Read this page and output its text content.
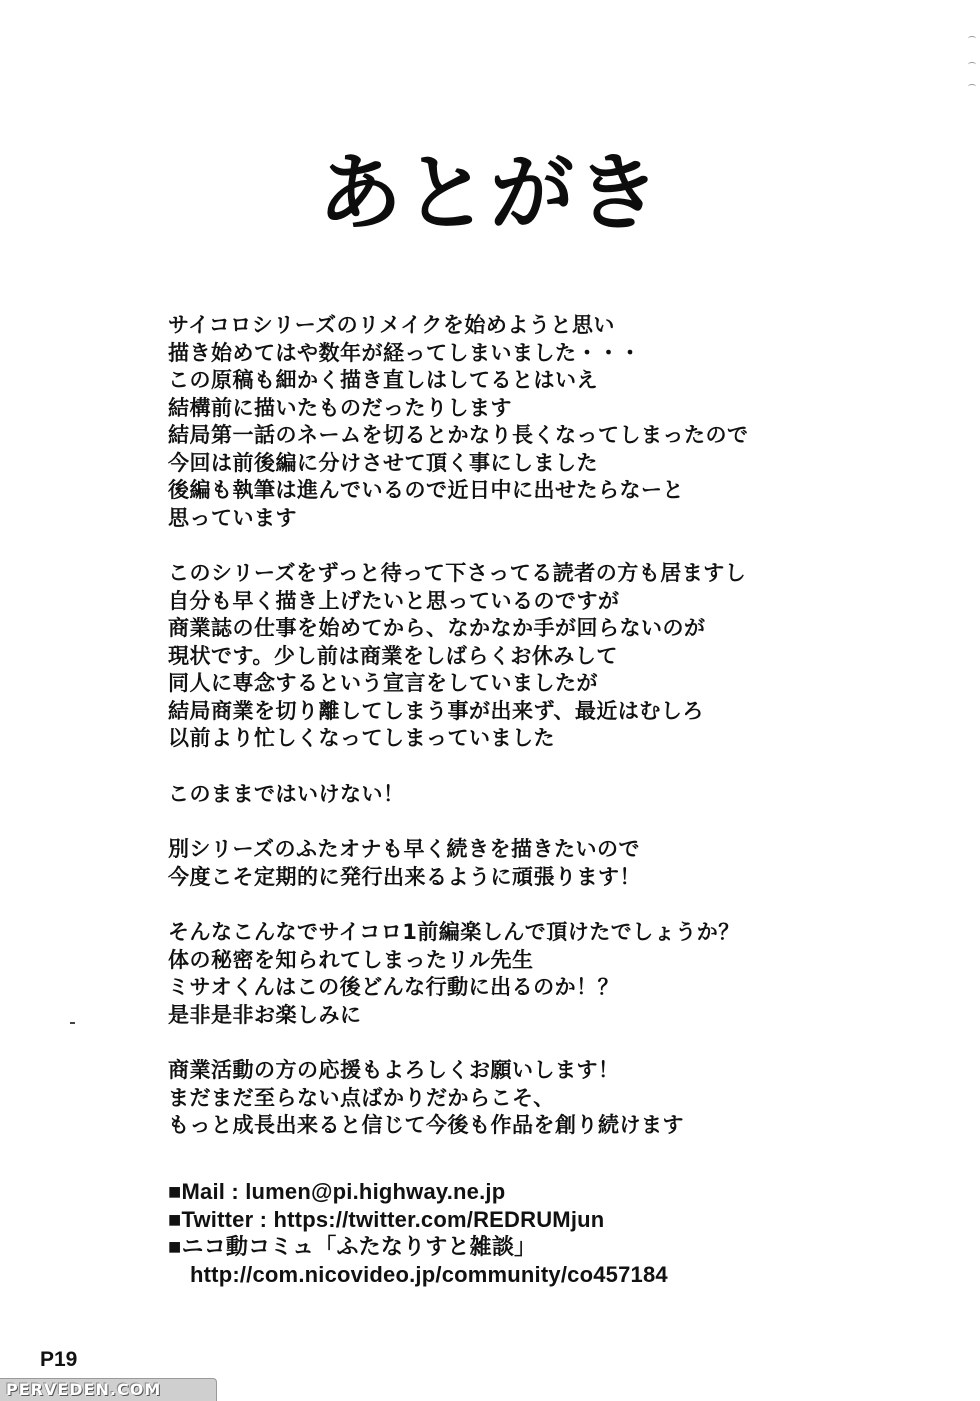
あとがき
サイコロシリーズのリメイクを始めようと思い
描き始めてはや数年が経ってしまいました・・・
この原稿も細かく描き直しはしてるとはいえ
結構前に描いたものだったりします
結局第一話のネームを切るとかなり長くなってしまったので
今回は前後編に分けさせて頂く事にしました
後編も執筆は進んでいるので近日中に出せたらなーと
思っています
このシリーズをずっと待って下さってる読者の方も居ますし
自分も早く描き上げたいと思っているのですが
商業誌の仕事を始めてから、なかなか手が回らないのが
現状です。少し前は商業をしばらくお休みして
同人に専念するという宣言をしていましたが
結局商業を切り離してしまう事が出来ず、最近はむしろ
以前より忙しくなってしまっていました
このままではいけない！
別シリーズのふたオナも早く続きを描きたいので
今度こそ定期的に発行出来るように頑張ります！
そんなこんなでサイコロ1前編楽しんで頂けたでしょうか？
体の秘密を知られてしまったリル先生
ミサオくんはこの後どんな行動に出るのか！？
是非是非お楽しみに
商業活動の方の応援もよろしくお願いします！
まだまだ至らない点ばかりだからこそ、
もっと成長出来ると信じて今後も作品を創り続けます
■Mail : lumen@pi.highway.ne.jp
■Twitter : https://twitter.com/REDRUMjun
■ニコ動コミュ「ふたなりすと雑談」
http://com.nicovideo.jp/community/co457184
P19
PERVEDEN.COM
